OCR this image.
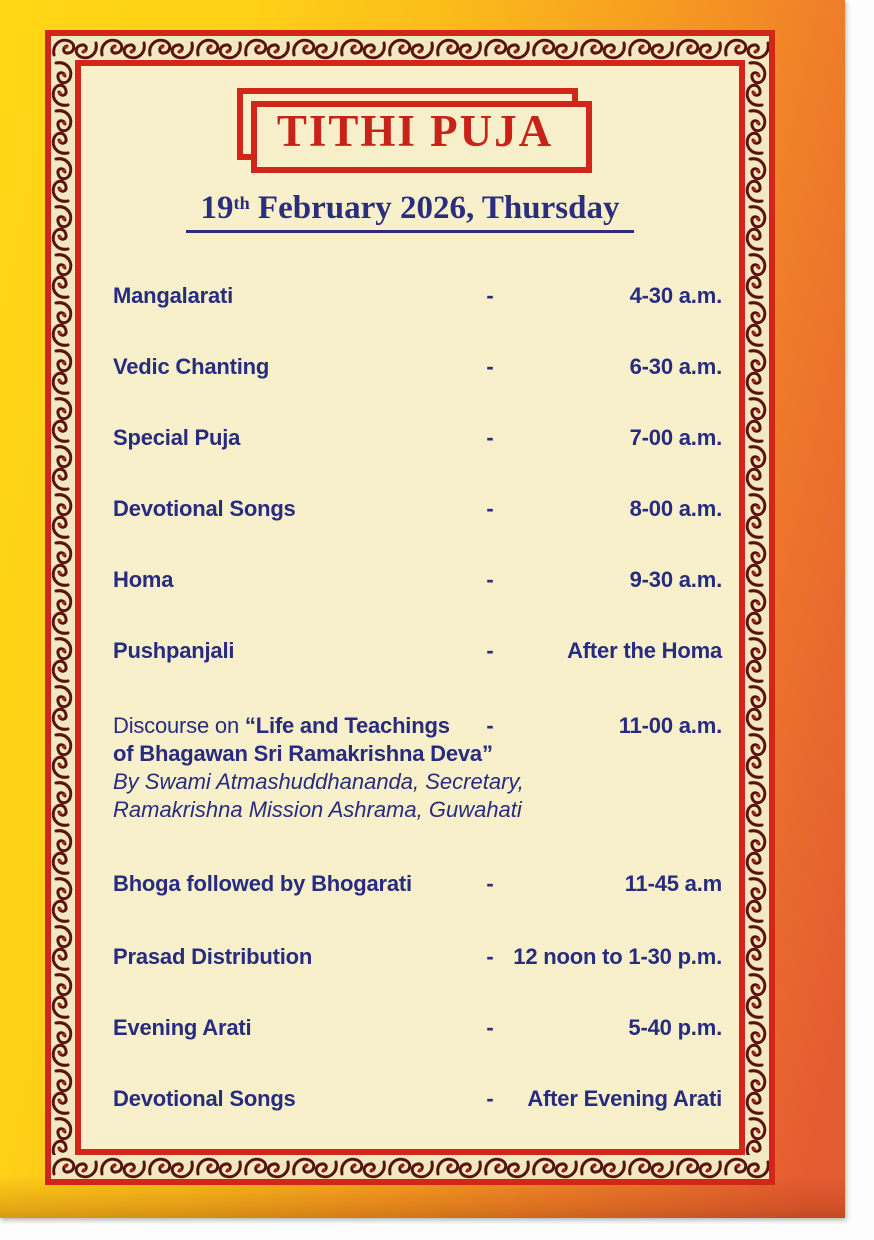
TITHI PUJA
19th February 2026, Thursday
Mangalarati	-	4-30 a.m.
Vedic Chanting	-	6-30 a.m.
Special Puja	-	7-00 a.m.
Devotional Songs	-	8-00 a.m.
Homa	-	9-30 a.m.
Pushpanjali	-	After the Homa
Discourse on “Life and Teachings
of Bhagawan Sri Ramakrishna Deva”
By Swami Atmashuddhananda, Secretary,
Ramakrishna Mission Ashrama, Guwahati
-	11-00 a.m.
Bhoga followed by Bhogarati	-	11-45 a.m
Prasad Distribution	- 12 noon to 1-30 p.m.
Evening Arati	-	5-40 p.m.
Devotional Songs	- After Evening Arati
